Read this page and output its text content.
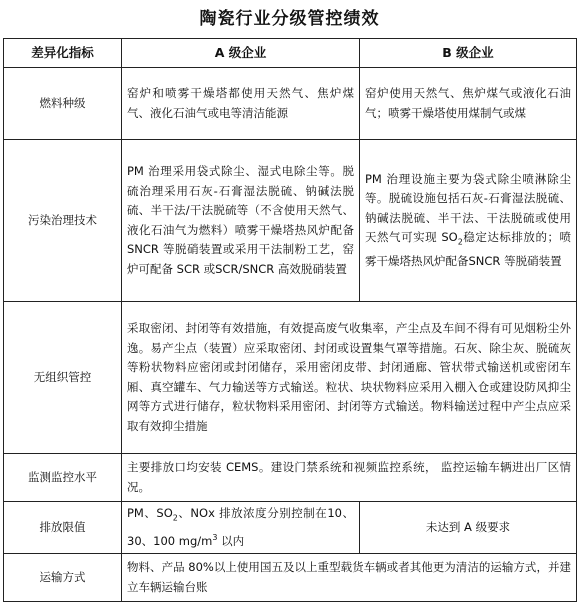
陶瓷行业分级管控绩效
差异化指标	A 级企业	B 级企业
燃料种级	窑炉和喷雾干燥塔都使用天然气、焦炉煤气、液化石油气或电等清洁能源	窑炉使用天然气、焦炉煤气或液化石油气；喷雾干燥塔使用煤制气或煤
污染治理技术	PM 治理采用袋式除尘、湿式电除尘等。脱硫治理采用石灰-石膏湿法脱硫、钠碱法脱硫、半干法/干法脱硫等（不含使用天然气、液化石油气为燃料）喷雾干燥塔热风炉配备 SNCR 等脱硝装置或采用干法制粉工艺，窑炉可配备 SCR 或SCR/SNCR 高效脱硝装置	PM 治理设施主要为袋式除尘喷淋除尘等。脱硫设施包括石灰-石膏湿法脱硫、钠碱法脱硫、半干法、干法脱硫或使用天然气可实现 $SO_2$稳定达标排放的；喷雾干燥塔热风炉配备SNCR 等脱硝装置
无组织管控	采取密闭、封闭等有效措施，有效提高废气收集率，产尘点及车间不得有可见烟粉尘外逸。易产尘点（装置）应采取密闭、封闭或设置集气罩等措施。石灰、除尘灰、脱硫灰等粉状物料应密闭或封闭储存，采用密闭皮带、封闭通廊、管状带式输送机或密闭车厢、真空罐车、气力输送等方式输送。粒状、块状物料应采用入棚入仓或建设防风抑尘网等方式进行储存，粒状物料采用密闭、封闭等方式输送。物料输送过程中产尘点应采取有效抑尘措施	
监测监控水平	主要排放口均安装 CEMS。建设门禁系统和视频监控系统， 监控运输车辆进出厂区情况。	
排放限值	PM、$SO_2$、NOx 排放浓度分别控制在10、30、100 $mg/m^3$ 以内	未达到 A 级要求
运输方式	物料、产品 80%以上使用国五及以上重型载货车辆或者其他更为清洁的运输方式，并建立车辆运输台账	
